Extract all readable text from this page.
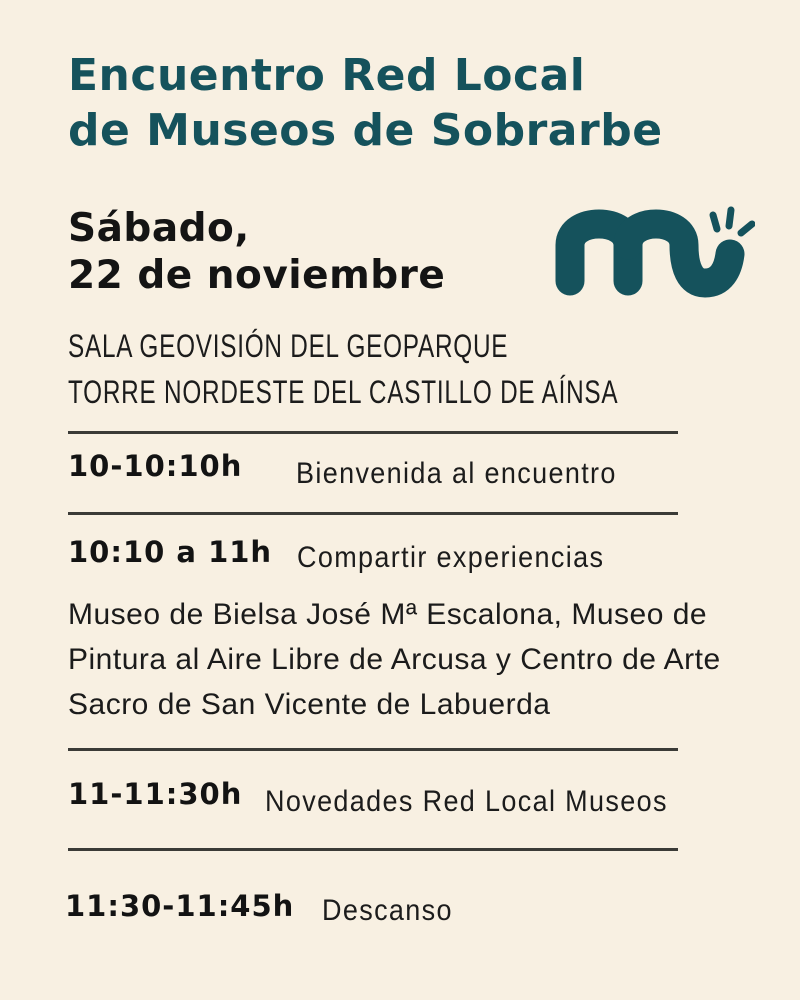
Encuentro Red Local
de Museos de Sobrarbe
Sábado,
22 de noviembre
SALA GEOVISIÓN DEL GEOPARQUE
TORRE NORDESTE DEL CASTILLO DE AÍNSA
10-10:10h Bienvenida al encuentro
10:10 a 11h Compartir experiencias
Museo de Bielsa José Mª Escalona, Museo de Pintura al Aire Libre de Arcusa y Centro de Arte Sacro de San Vicente de Labuerda
11-11:30h Novedades Red Local Museos
11:30-11:45h Descanso
